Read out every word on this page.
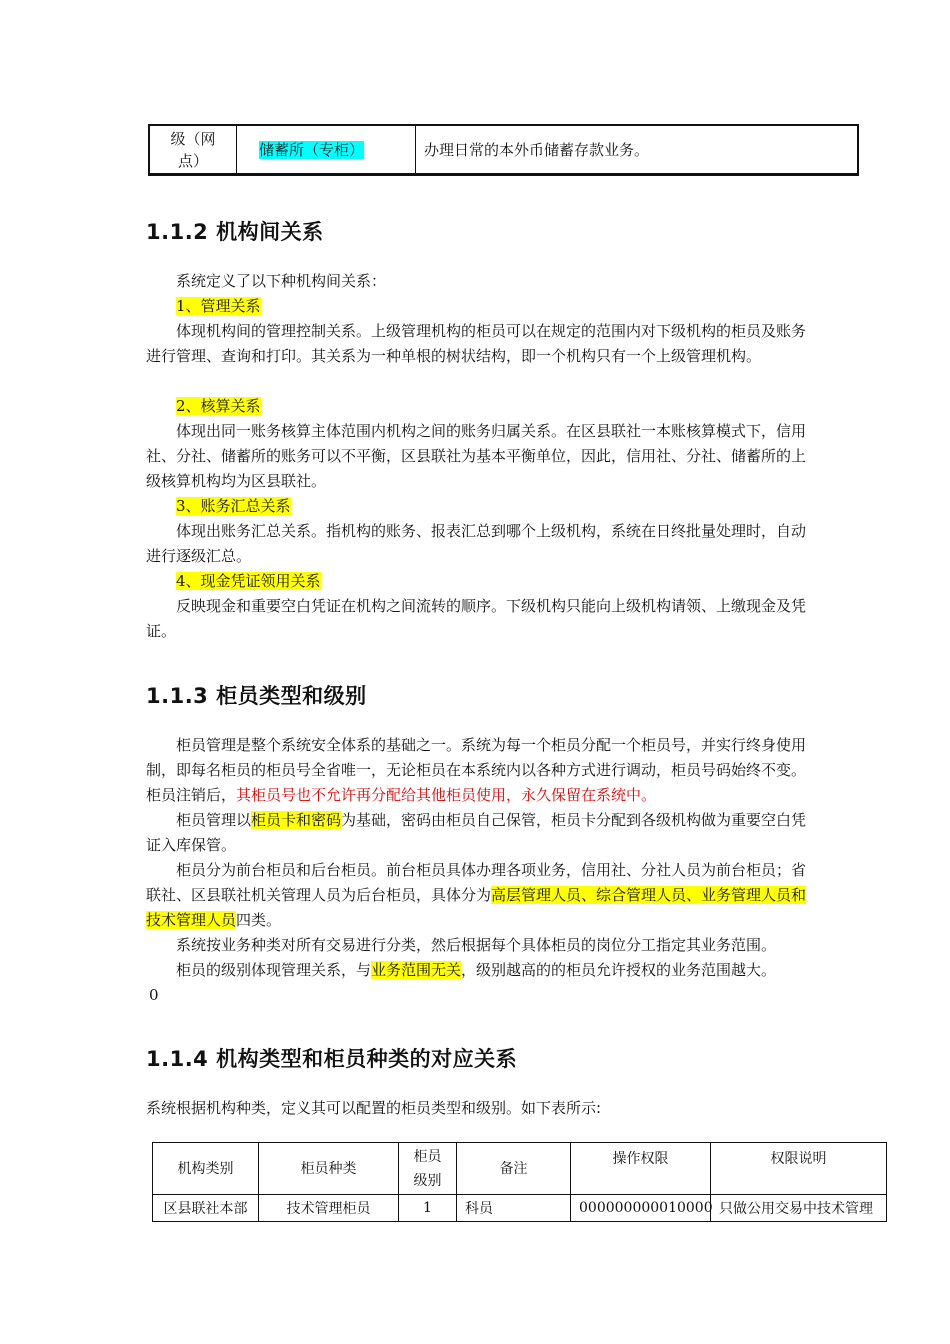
级（网
点）	储蓄所（专柜）	办理日常的本外币储蓄存款业务。
1.1.2 机构间关系

系统定义了以下种机构间关系：

1、管理关系

体现机构间的管理控制关系。上级管理机构的柜员可以在规定的范围内对下级机构的柜员及账务进行管理、查询和打印。其关系为一种单根的树状结构，即一个机构只有一个上级管理机构。

2、核算关系

体现出同一账务核算主体范围内机构之间的账务归属关系。在区县联社一本账核算模式下，信用社、分社、储蓄所的账务可以不平衡，区县联社为基本平衡单位，因此，信用社、分社、储蓄所的上级核算机构均为区县联社。

3、账务汇总关系

体现出账务汇总关系。指机构的账务、报表汇总到哪个上级机构，系统在日终批量处理时，自动进行逐级汇总。

4、现金凭证领用关系

反映现金和重要空白凭证在机构之间流转的顺序。下级机构只能向上级机构请领、上缴现金及凭证。

1.1.3 柜员类型和级别

柜员管理是整个系统安全体系的基础之一。系统为每一个柜员分配一个柜员号，并实行终身使用制，即每名柜员的柜员号全省唯一，无论柜员在本系统内以各种方式进行调动，柜员号码始终不变。柜员注销后，其柜员号也不允许再分配给其他柜员使用，永久保留在系统中。

柜员管理以柜员卡和密码为基础，密码由柜员自己保管，柜员卡分配到各级机构做为重要空白凭证入库保管。

柜员分为前台柜员和后台柜员。前台柜员具体办理各项业务，信用社、分社人员为前台柜员；省联社、区县联社机关管理人员为后台柜员，具体分为高层管理人员、综合管理人员、业务管理人员和技术管理人员四类。

系统按业务种类对所有交易进行分类，然后根据每个具体柜员的岗位分工指定其业务范围。

柜员的级别体现管理关系，与业务范围无关，级别越高的的柜员允许授权的业务范围越大。

0

1.1.4 机构类型和柜员种类的对应关系

系统根据机构种类，定义其可以配置的柜员类型和级别。如下表所示:

机构类别	柜员种类	柜员级别	备注	操作权限	权限说明
区县联社本部	技术管理柜员	1	科员	000000000010000	只做公用交易中技术管理
